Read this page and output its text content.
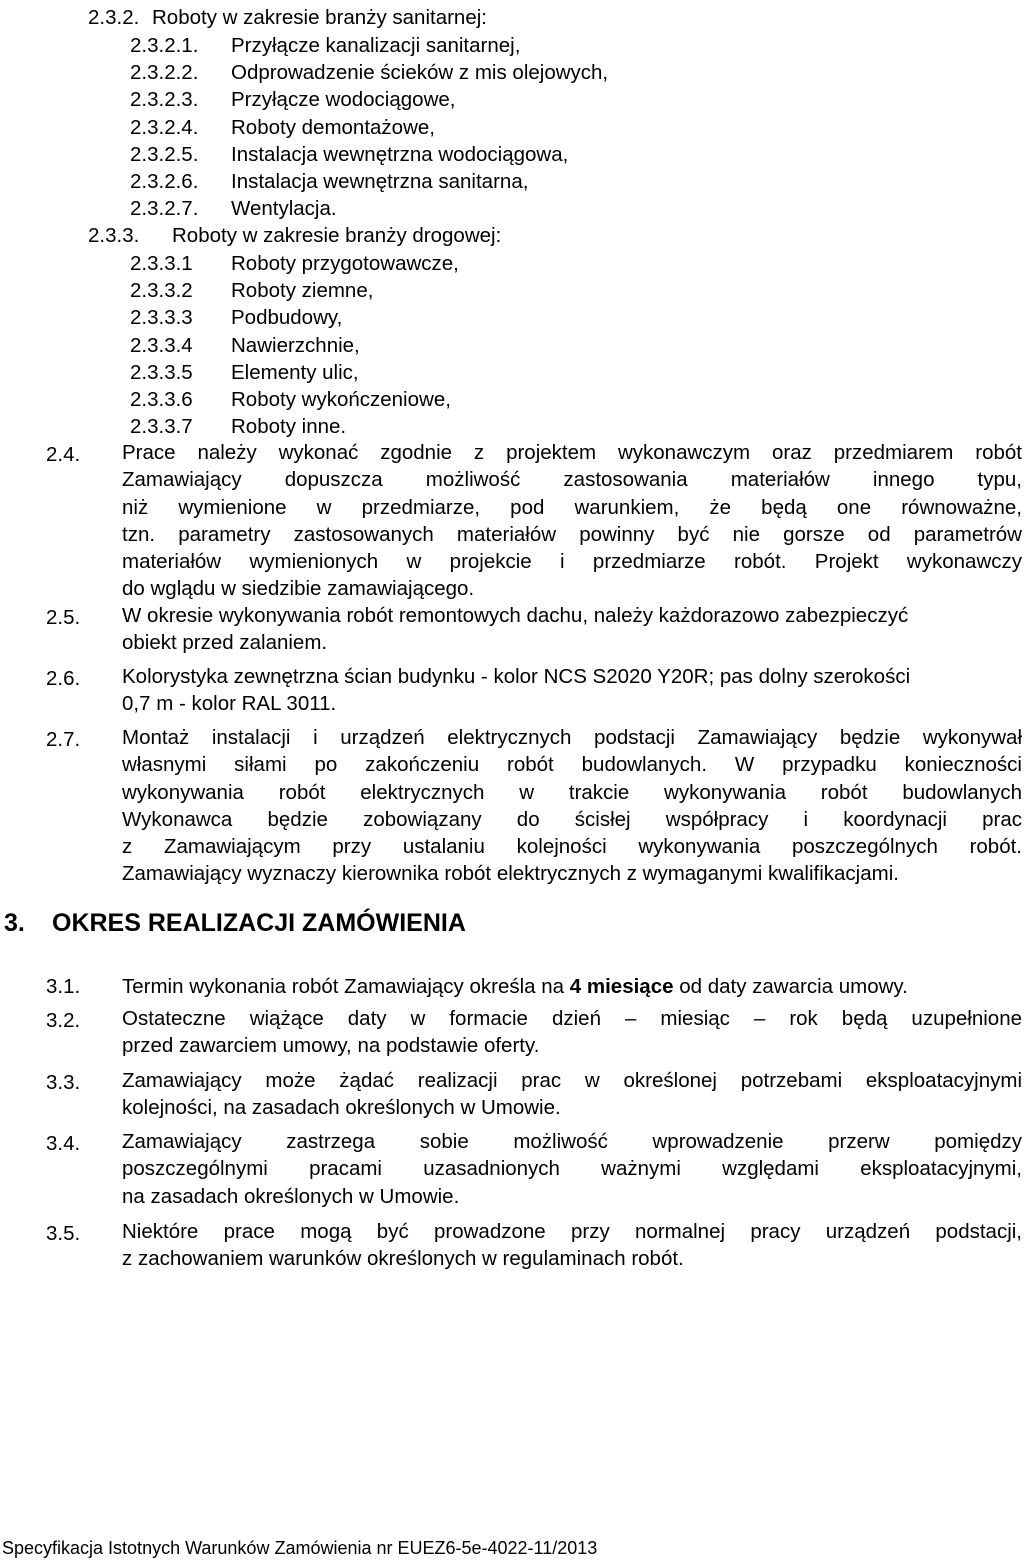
2.3.2. Roboty w zakresie branży sanitarnej:
2.3.2.1. Przyłącze kanalizacji sanitarnej,
2.3.2.2. Odprowadzenie ścieków z mis olejowych,
2.3.2.3. Przyłącze wodociągowe,
2.3.2.4. Roboty demontażowe,
2.3.2.5. Instalacja wewnętrzna wodociągowa,
2.3.2.6. Instalacja wewnętrzna sanitarna,
2.3.2.7. Wentylacja.
2.3.3. Roboty w zakresie branży drogowej:
2.3.3.1 Roboty przygotowawcze,
2.3.3.2 Roboty ziemne,
2.3.3.3 Podbudowy,
2.3.3.4 Nawierzchnie,
2.3.3.5 Elementy ulic,
2.3.3.6 Roboty wykończeniowe,
2.3.3.7 Roboty inne.
2.4. Prace należy wykonać zgodnie z projektem wykonawczym oraz przedmiarem robót
Zamawiający dopuszcza możliwość zastosowania materiałów innego typu,
niż wymienione w przedmiarze, pod warunkiem, że będą one równoważne,
tzn. parametry zastosowanych materiałów powinny być nie gorsze od parametrów
materiałów wymienionych w projekcie i przedmiarze robót. Projekt wykonawczy
do wglądu w siedzibie zamawiającego.
2.5. W okresie wykonywania robót remontowych dachu, należy każdorazowo zabezpieczyć
obiekt przed zalaniem.
2.6. Kolorystyka zewnętrzna ścian budynku - kolor NCS S2020 Y20R; pas dolny szerokości
0,7 m - kolor RAL 3011.
2.7. Montaż instalacji i urządzeń elektrycznych podstacji Zamawiający będzie wykonywał
własnymi siłami po zakończeniu robót budowlanych. W przypadku konieczności
wykonywania robót elektrycznych w trakcie wykonywania robót budowlanych
Wykonawca będzie zobowiązany do ścisłej współpracy i koordynacji prac
z Zamawiającym przy ustalaniu kolejności wykonywania poszczególnych robót.
Zamawiający wyznaczy kierownika robót elektrycznych z wymaganymi kwalifikacjami.
3. OKRES REALIZACJI ZAMÓWIENIA
3.1. Termin wykonania robót Zamawiający określa na 4 miesiące od daty zawarcia umowy.
3.2. Ostateczne wiążące daty w formacie dzień – miesiąc – rok będą uzupełnione
przed zawarciem umowy, na podstawie oferty.
3.3. Zamawiający może żądać realizacji prac w określonej potrzebami eksploatacyjnymi
kolejności, na zasadach określonych w Umowie.
3.4. Zamawiający zastrzega sobie możliwość wprowadzenie przerw pomiędzy
poszczególnymi pracami uzasadnionych ważnymi względami eksploatacyjnymi,
na zasadach określonych w Umowie.
3.5. Niektóre prace mogą być prowadzone przy normalnej pracy urządzeń podstacji,
z zachowaniem warunków określonych w regulaminach robót.
Specyfikacja Istotnych Warunków Zamówienia nr EUEZ6-5e-4022-11/2013
